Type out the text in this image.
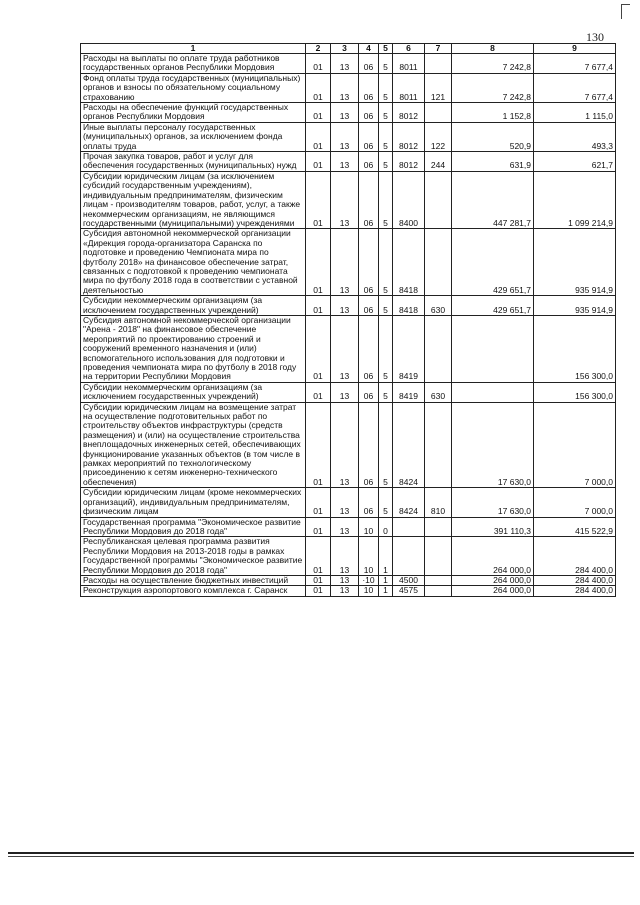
130
1	2	3	4	5	6	7	8	9
Расходы на выплаты по оплате труда работников государственных органов Республики Мордовия	01	13	06	5	8011		7 242,8	7 677,4
Фонд оплаты труда государственных (муниципальных) органов и взносы по обязательному социальному страхованию	01	13	06	5	8011	121	7 242,8	7 677,4
Расходы на обеспечение функций государственных органов Республики Мордовия	01	13	06	5	8012		1 152,8	1 115,0
Иные выплаты персоналу государственных (муниципальных) органов, за исключением фонда оплаты труда	01	13	06	5	8012	122	520,9	493,3
Прочая закупка товаров, работ и услуг для обеспечения государственных (муниципальных) нужд	01	13	06	5	8012	244	631,9	621,7
Субсидии юридическим лицам (за исключением субсидий государственным учреждениям), индивидуальным предпринимателям, физическим лицам - производителям товаров, работ, услуг, а также некоммерческим организациям, не являющимся государственными (муниципальными) учреждениями	01	13	06	5	8400		447 281,7	1 099 214,9
Субсидия автономной некоммерческой организации «Дирекция города-организатора Саранска по подготовке и проведению Чемпионата мира по футболу 2018» на финансовое обеспечение затрат, связанных с подготовкой к проведению чемпионата мира по футболу 2018 года в соответствии с уставной деятельностью	01	13	06	5	8418		429 651,7	935 914,9
Субсидии некоммерческим организациям (за исключением государственных учреждений)	01	13	06	5	8418	630	429 651,7	935 914,9
Субсидия автономной некоммерческой организации "Арена - 2018" на финансовое обеспечение мероприятий по проектированию строений и сооружений временного назначения и (или) вспомогательного использования для подготовки и проведения чемпионата мира по футболу в 2018 году на территории Республики Мордовия	01	13	06	5	8419			156 300,0
Субсидии некоммерческим организациям (за исключением государственных учреждений)	01	13	06	5	8419	630		156 300,0
Субсидии юридическим лицам на возмещение затрат на осуществление подготовительных работ по строительству объектов инфраструктуры (средств размещения) и (или) на осуществление строительства внеплощадочных инженерных сетей, обеспечивающих функционирование указанных объектов (в том числе в рамках мероприятий по технологическому присоединению к сетям инженерно-технического обеспечения)	01	13	06	5	8424		17 630,0	7 000,0
Субсидии юридическим лицам (кроме некоммерческих организаций), индивидуальным предпринимателям, физическим лицам	01	13	06	5	8424	810	17 630,0	7 000,0
Государственная программа "Экономическое развитие Республики Мордовия до 2018 года"	01	13	10	0			391 110,3	415 522,9
Республиканская целевая программа развития Республики Мордовия на 2013-2018 годы в рамках Государственной программы "Экономическое развитие Республики Мордовия до 2018 года"	01	13	10	1			264 000,0	284 400,0
Расходы на осуществление бюджетных инвестиций	01	13	·10	1	4500		264 000,0	284 400,0
Реконструкция аэропортового комплекса г. Саранск	01	13	10	1	4575		264 000,0	284 400,0
